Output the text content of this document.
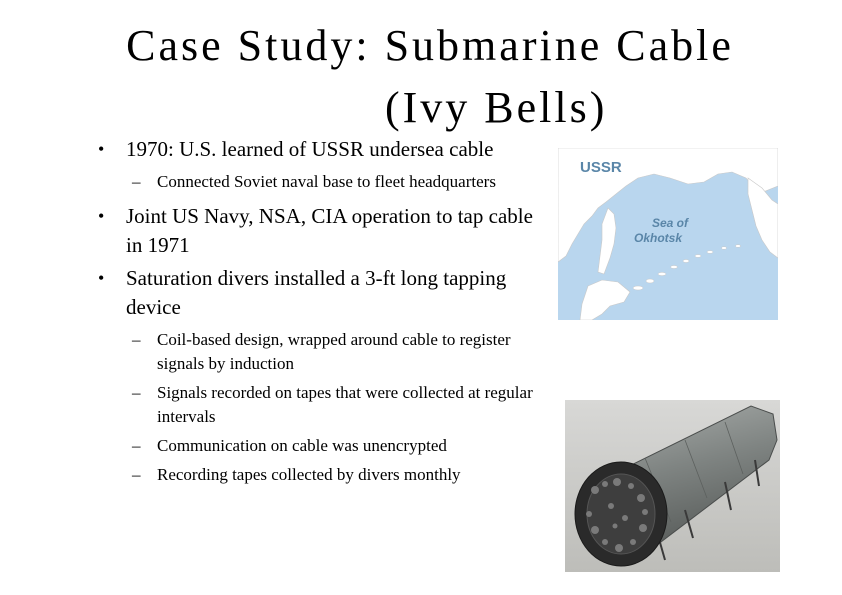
Case Study: Submarine Cable
(Ivy Bells)

• 1970: U.S. learned of USSR undersea cable

– Connected Soviet naval base to fleet headquarters

• Joint US Navy, NSA, CIA operation to tap cable in 1971

• Saturation divers installed a 3-ft long tapping device

– Coil-based design, wrapped around cable to register signals by induction

– Signals recorded on tapes that were collected at regular intervals

– Communication on cable was unencrypted

– Recording tapes collected by divers monthly

USSR
Sea of
Okhotsk
